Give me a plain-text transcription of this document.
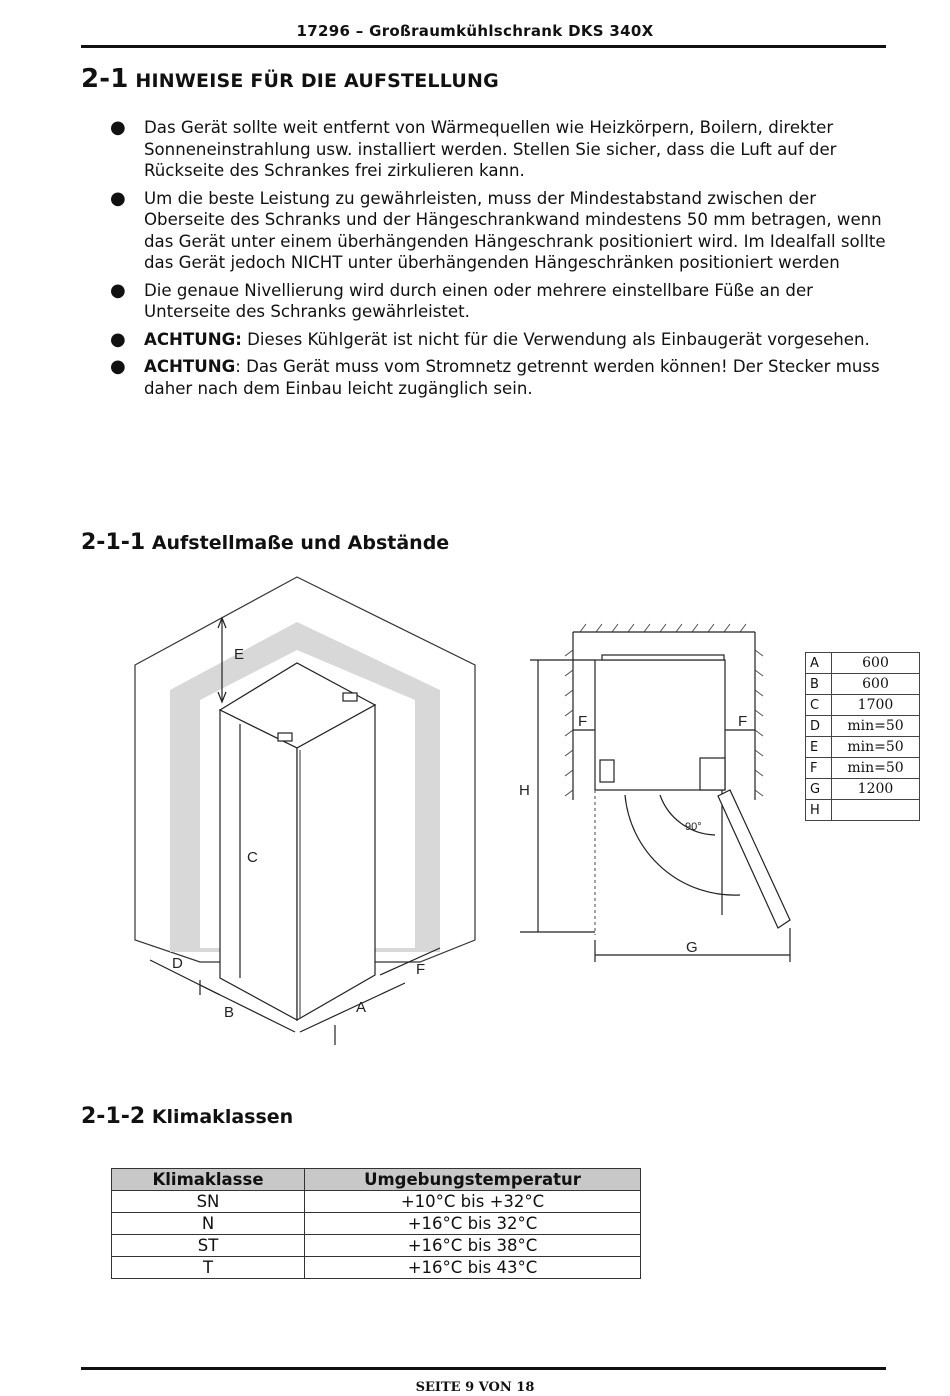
17296 – Großraumkühlschrank DKS 340X
2-1 HINWEISE FÜR DIE AUFSTELLUNG
● Das Gerät sollte weit entfernt von Wärmequellen wie Heizkörpern, Boilern, direkter Sonneneinstrahlung usw. installiert werden. Stellen Sie sicher, dass die Luft auf der Rückseite des Schrankes frei zirkulieren kann.
● Um die beste Leistung zu gewährleisten, muss der Mindestabstand zwischen der Oberseite des Schranks und der Hängeschrankwand mindestens 50 mm betragen, wenn das Gerät unter einem überhängenden Hängeschrank positioniert wird. Im Idealfall sollte das Gerät jedoch NICHT unter überhängenden Hängeschränken positioniert werden
● Die genaue Nivellierung wird durch einen oder mehrere einstellbare Füße an der Unterseite des Schranks gewährleistet.
● ACHTUNG: Dieses Kühlgerät ist nicht für die Verwendung als Einbaugerät vorgesehen.
● ACHTUNG: Das Gerät muss vom Stromnetz getrennt werden können! Der Stecker muss daher nach dem Einbau leicht zugänglich sein.
2-1-1 Aufstellmaße und Abstände
E
C
D
B	A
F
90°
F	F
H
G
A	600
B	600
C	1700
D	min=50
E	min=50
F	min=50
G	1200
H	
2-1-2 Klimaklassen
Klimaklasse	Umgebungstemperatur
SN	+10°C bis +32°C
N	+16°C bis 32°C
ST	+16°C bis 38°C
T	+16°C bis 43°C
SEITE 9 VON 18
